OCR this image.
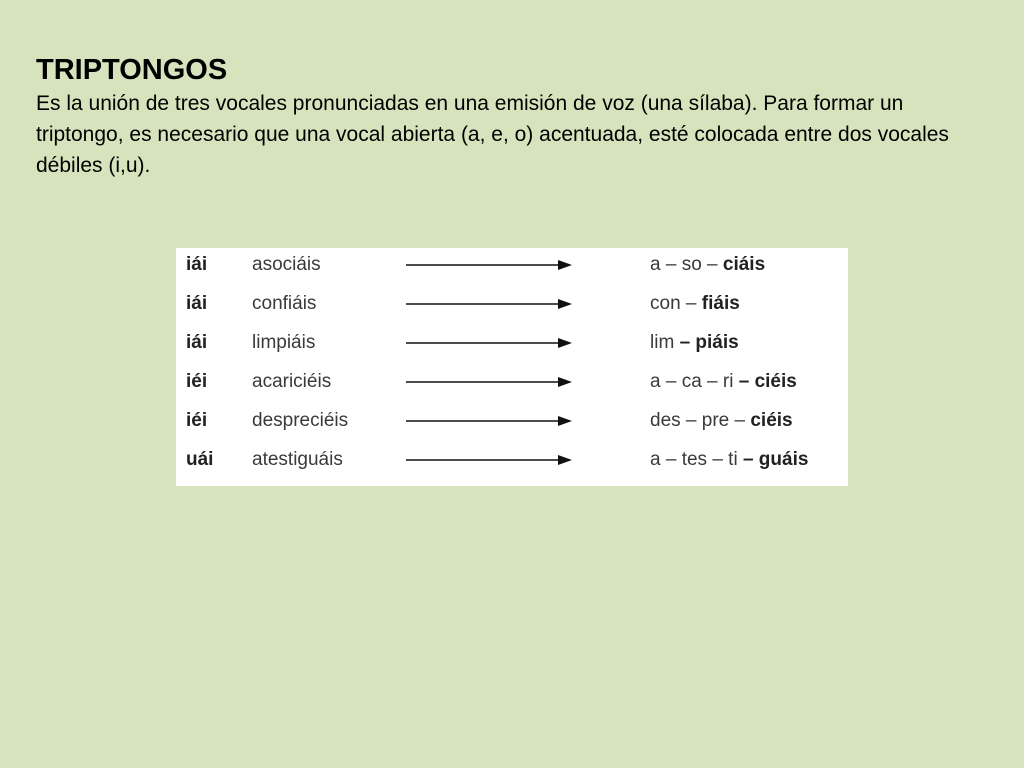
TRIPTONGOS

Es la unión de tres vocales pronunciadas en una emisión de voz (una sílaba). Para formar un triptongo, es necesario que una vocal abierta (a, e, o) acentuada, esté colocada entre dos vocales débiles (i,u).

iái asociáis	a – so – ciáis
iái confiáis	con – fiáis
iái limpiáis	lim – piáis
iéi acariciéis	a – ca – ri – ciéis
iéi despreciéis	des – pre – ciéis
uái atestiguáis	a – tes – ti – guáis
